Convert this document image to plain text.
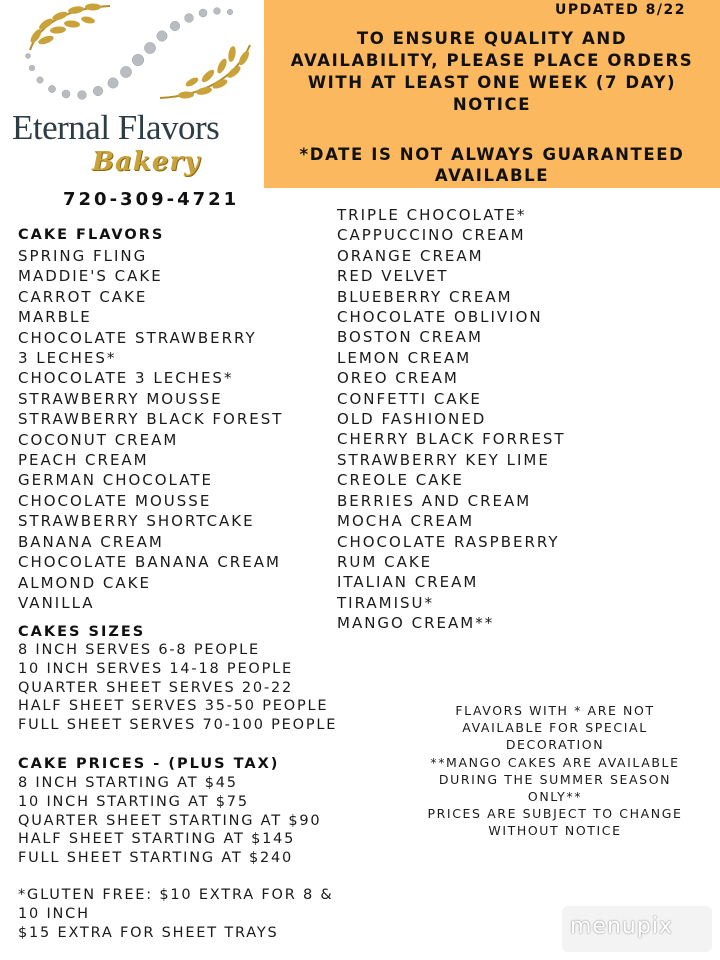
Eternal Flavors
Bakery
720-309-4721
UPDATED 8/22
TO ENSURE QUALITY AND
AVAILABILITY, PLEASE PLACE ORDERS
WITH AT LEAST ONE WEEK (7 DAY)
NOTICE
*DATE IS NOT ALWAYS GUARANTEED
AVAILABLE
CAKE FLAVORS
SPRING FLING
MADDIE'S CAKE
CARROT CAKE
MARBLE
CHOCOLATE STRAWBERRY
3 LECHES*
CHOCOLATE 3 LECHES*
STRAWBERRY MOUSSE
STRAWBERRY BLACK FOREST
COCONUT CREAM
PEACH CREAM
GERMAN CHOCOLATE
CHOCOLATE MOUSSE
STRAWBERRY SHORTCAKE
BANANA CREAM
CHOCOLATE BANANA CREAM
ALMOND CAKE
VANILLA
TRIPLE CHOCOLATE*
CAPPUCCINO CREAM
ORANGE CREAM
RED VELVET
BLUEBERRY CREAM
CHOCOLATE OBLIVION
BOSTON CREAM
LEMON CREAM
OREO CREAM
CONFETTI CAKE
OLD FASHIONED
CHERRY BLACK FORREST
STRAWBERRY KEY LIME
CREOLE CAKE
BERRIES AND CREAM
MOCHA CREAM
CHOCOLATE RASPBERRY
RUM CAKE
ITALIAN CREAM
TIRAMISU*
MANGO CREAM**
CAKES SIZES
8 INCH SERVES 6-8 PEOPLE
10 INCH SERVES 14-18 PEOPLE
QUARTER SHEET SERVES 20-22
HALF SHEET SERVES 35-50 PEOPLE
FULL SHEET SERVES 70-100 PEOPLE
CAKE PRICES - (PLUS TAX)
8 INCH STARTING AT $45
10 INCH STARTING AT $75
QUARTER SHEET STARTING AT $90
HALF SHEET STARTING AT $145
FULL SHEET STARTING AT $240
*GLUTEN FREE: $10 EXTRA FOR 8 &
10 INCH
$15 EXTRA FOR SHEET TRAYS
FLAVORS WITH * ARE NOT
AVAILABLE FOR SPECIAL
DECORATION
**MANGO CAKES ARE AVAILABLE
DURING THE SUMMER SEASON
ONLY**
PRICES ARE SUBJECT TO CHANGE
WITHOUT NOTICE
menupix
